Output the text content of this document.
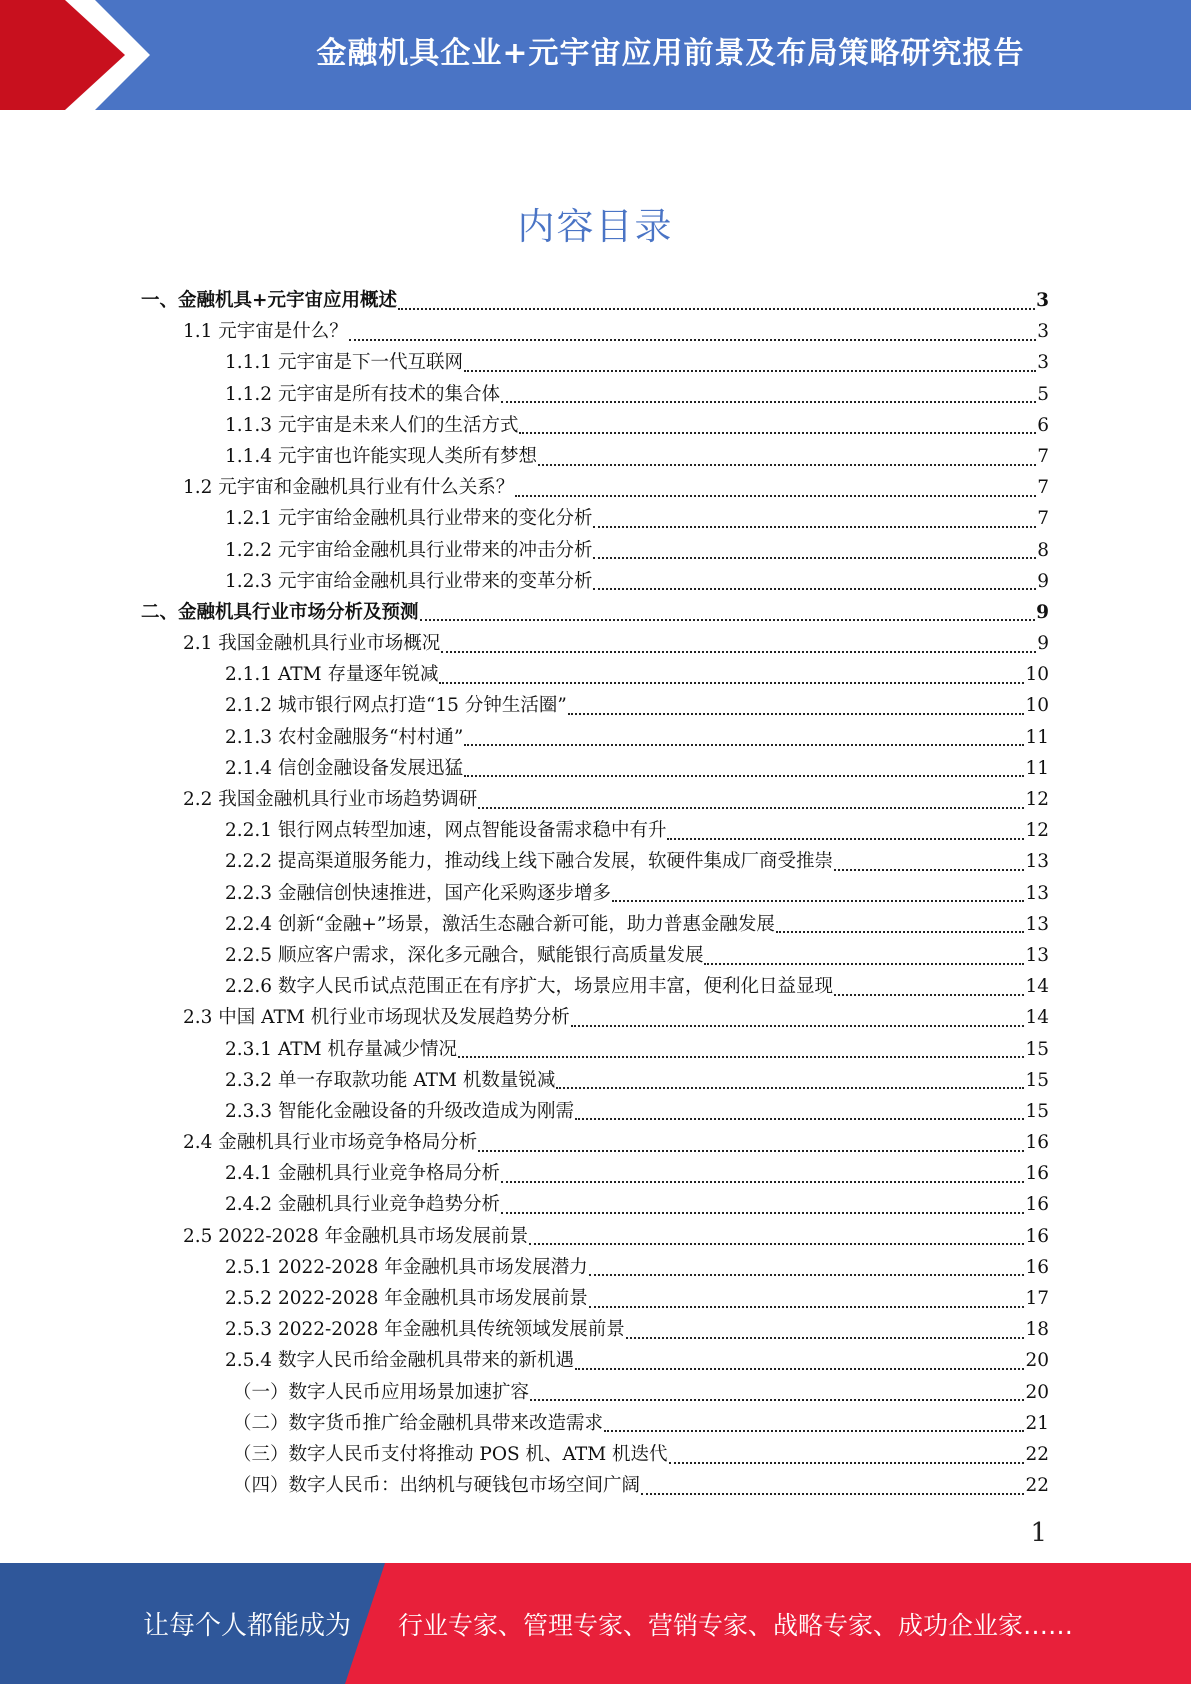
金融机具企业+元宇宙应用前景及布局策略研究报告
内容目录
一、金融机具+元宇宙应用概述	3
1.1 元宇宙是什么？	3
1.1.1 元宇宙是下一代互联网	3
1.1.2 元宇宙是所有技术的集合体	5
1.1.3 元宇宙是未来人们的生活方式	6
1.1.4 元宇宙也许能实现人类所有梦想	7
1.2 元宇宙和金融机具行业有什么关系？	7
1.2.1 元宇宙给金融机具行业带来的变化分析	7
1.2.2 元宇宙给金融机具行业带来的冲击分析	8
1.2.3 元宇宙给金融机具行业带来的变革分析	9
二、金融机具行业市场分析及预测	9
2.1 我国金融机具行业市场概况	9
2.1.1 ATM 存量逐年锐减	10
2.1.2 城市银行网点打造“15 分钟生活圈”	10
2.1.3 农村金融服务“村村通”	11
2.1.4 信创金融设备发展迅猛	11
2.2 我国金融机具行业市场趋势调研	12
2.2.1 银行网点转型加速，网点智能设备需求稳中有升	12
2.2.2 提高渠道服务能力，推动线上线下融合发展，软硬件集成厂商受推崇	13
2.2.3 金融信创快速推进，国产化采购逐步增多	13
2.2.4 创新“金融+”场景，激活生态融合新可能，助力普惠金融发展	13
2.2.5 顺应客户需求，深化多元融合，赋能银行高质量发展	13
2.2.6 数字人民币试点范围正在有序扩大，场景应用丰富，便利化日益显现	14
2.3 中国 ATM 机行业市场现状及发展趋势分析	14
2.3.1 ATM 机存量减少情况	15
2.3.2 单一存取款功能 ATM 机数量锐减	15
2.3.3 智能化金融设备的升级改造成为刚需	15
2.4 金融机具行业市场竞争格局分析	16
2.4.1 金融机具行业竞争格局分析	16
2.4.2 金融机具行业竞争趋势分析	16
2.5 2022-2028 年金融机具市场发展前景	16
2.5.1 2022-2028 年金融机具市场发展潜力	16
2.5.2 2022-2028 年金融机具市场发展前景	17
2.5.3 2022-2028 年金融机具传统领域发展前景	18
2.5.4 数字人民币给金融机具带来的新机遇	20
（一）数字人民币应用场景加速扩容	20
（二）数字货币推广给金融机具带来改造需求	21
（三）数字人民币支付将推动 POS 机、ATM 机迭代	22
（四）数字人民币：出纳机与硬钱包市场空间广阔	22
1
让每个人都能成为 行业专家、管理专家、营销专家、战略专家、成功企业家……
